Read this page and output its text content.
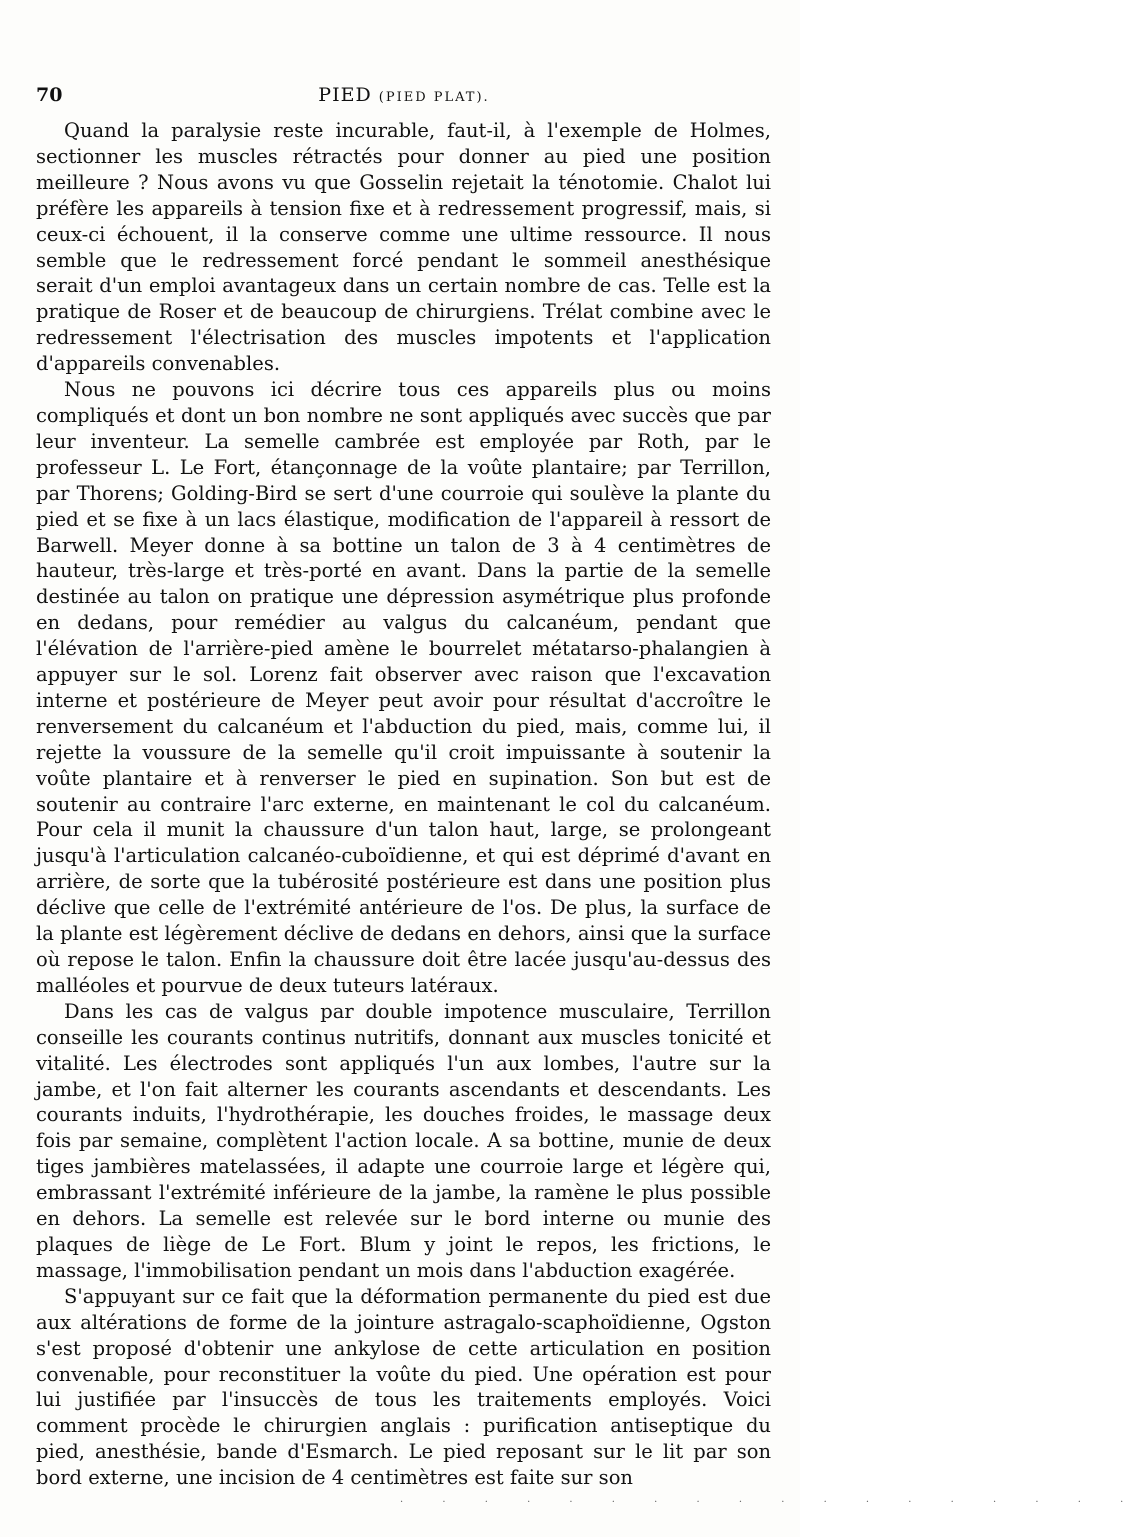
70	PIED (PIED PLAT).

Quand la paralysie reste incurable, faut-il, à l'exemple de Holmes, sectionner les muscles rétractés pour donner au pied une position meilleure ? Nous avons vu que Gosselin rejetait la ténotomie. Chalot lui préfère les appareils à tension fixe et à redressement progressif, mais, si ceux-ci échouent, il la conserve comme une ultime ressource. Il nous semble que le redressement forcé pendant le sommeil anesthésique serait d'un emploi avantageux dans un certain nombre de cas. Telle est la pratique de Roser et de beaucoup de chirurgiens. Trélat combine avec le redressement l'électrisation des muscles impotents et l'application d'appareils convenables.

Nous ne pouvons ici décrire tous ces appareils plus ou moins compliqués et dont un bon nombre ne sont appliqués avec succès que par leur inventeur. La semelle cambrée est employée par Roth, par le professeur L. Le Fort, étançonnage de la voûte plantaire; par Terrillon, par Thorens; Golding-Bird se sert d'une courroie qui soulève la plante du pied et se fixe à un lacs élastique, modification de l'appareil à ressort de Barwell. Meyer donne à sa bottine un talon de 3 à 4 centimètres de hauteur, très-large et très-porté en avant. Dans la partie de la semelle destinée au talon on pratique une dépression asymétrique plus profonde en dedans, pour remédier au valgus du calcanéum, pendant que l'élévation de l'arrière-pied amène le bourrelet métatarso-phalangien à appuyer sur le sol. Lorenz fait observer avec raison que l'excavation interne et postérieure de Meyer peut avoir pour résultat d'accroître le renversement du calcanéum et l'abduction du pied, mais, comme lui, il rejette la voussure de la semelle qu'il croit impuissante à soutenir la voûte plantaire et à renverser le pied en supination. Son but est de soutenir au contraire l'arc externe, en maintenant le col du calcanéum. Pour cela il munit la chaussure d'un talon haut, large, se prolongeant jusqu'à l'articulation calcanéo-cuboïdienne, et qui est déprimé d'avant en arrière, de sorte que la tubérosité postérieure est dans une position plus déclive que celle de l'extrémité antérieure de l'os. De plus, la surface de la plante est légèrement déclive de dedans en dehors, ainsi que la surface où repose le talon. Enfin la chaussure doit être lacée jusqu'au-dessus des malléoles et pourvue de deux tuteurs latéraux.

Dans les cas de valgus par double impotence musculaire, Terrillon conseille les courants continus nutritifs, donnant aux muscles tonicité et vitalité. Les électrodes sont appliqués l'un aux lombes, l'autre sur la jambe, et l'on fait alterner les courants ascendants et descendants. Les courants induits, l'hydrothérapie, les douches froides, le massage deux fois par semaine, complètent l'action locale. A sa bottine, munie de deux tiges jambières matelassées, il adapte une courroie large et légère qui, embrassant l'extrémité inférieure de la jambe, la ramène le plus possible en dehors. La semelle est relevée sur le bord interne ou munie des plaques de liège de Le Fort. Blum y joint le repos, les frictions, le massage, l'immobilisation pendant un mois dans l'abduction exagérée.

S'appuyant sur ce fait que la déformation permanente du pied est due aux altérations de forme de la jointure astragalo-scaphoïdienne, Ogston s'est proposé d'obtenir une ankylose de cette articulation en position convenable, pour reconstituer la voûte du pied. Une opération est pour lui justifiée par l'insuccès de tous les traitements employés. Voici comment procède le chirurgien anglais : purification antiseptique du pied, anesthésie, bande d'Esmarch. Le pied reposant sur le lit par son bord externe, une incision de 4 centimètres est faite sur son

· · · · · · · · · · · · · · · · · ·
